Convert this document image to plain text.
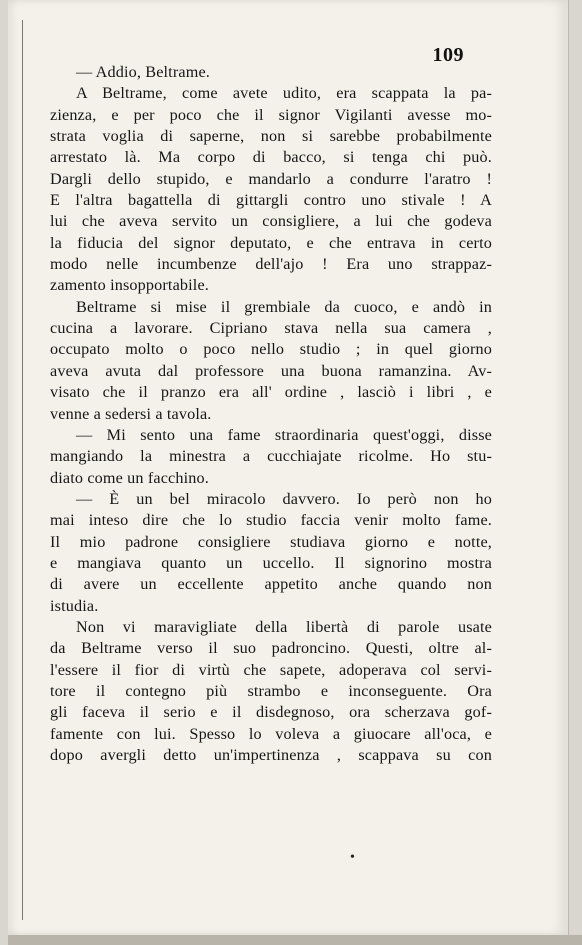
109
— Addio, Beltrame.
A Beltrame, come avete udito, era scappata la pa-
zienza, e per poco che il signor Vigilanti avesse mo-
strata voglia di saperne, non si sarebbe probabilmente
arrestato là. Ma corpo di bacco, si tenga chi può.
Dargli dello stupido, e mandarlo a condurre l'aratro !
E l'altra bagattella di gittargli contro uno stivale ! A
lui che aveva servito un consigliere, a lui che godeva
la fiducia del signor deputato, e che entrava in certo
modo nelle incumbenze dell'ajo ! Era uno strappaz-
zamento insopportabile.
Beltrame si mise il grembiale da cuoco, e andò in
cucina a lavorare. Cipriano stava nella sua camera ,
occupato molto o poco nello studio ; in quel giorno
aveva avuta dal professore una buona ramanzina. Av-
visato che il pranzo era all' ordine , lasciò i libri , e
venne a sedersi a tavola.
— Mi sento una fame straordinaria quest'oggi, disse
mangiando la minestra a cucchiajate ricolme. Ho stu-
diato come un facchino.
— È un bel miracolo davvero. Io però non ho
mai inteso dire che lo studio faccia venir molto fame.
Il mio padrone consigliere studiava giorno e notte,
e mangiava quanto un uccello. Il signorino mostra
di avere un eccellente appetito anche quando non
istudia.
Non vi maravigliate della libertà di parole usate
da Beltrame verso il suo padroncino. Questi, oltre al-
l'essere il fior di virtù che sapete, adoperava col servi-
tore il contegno più strambo e inconseguente. Ora
gli faceva il serio e il disdegnoso, ora scherzava gof-
famente con lui. Spesso lo voleva a giuocare all'oca, e
dopo avergli detto un'impertinenza , scappava su con
•
